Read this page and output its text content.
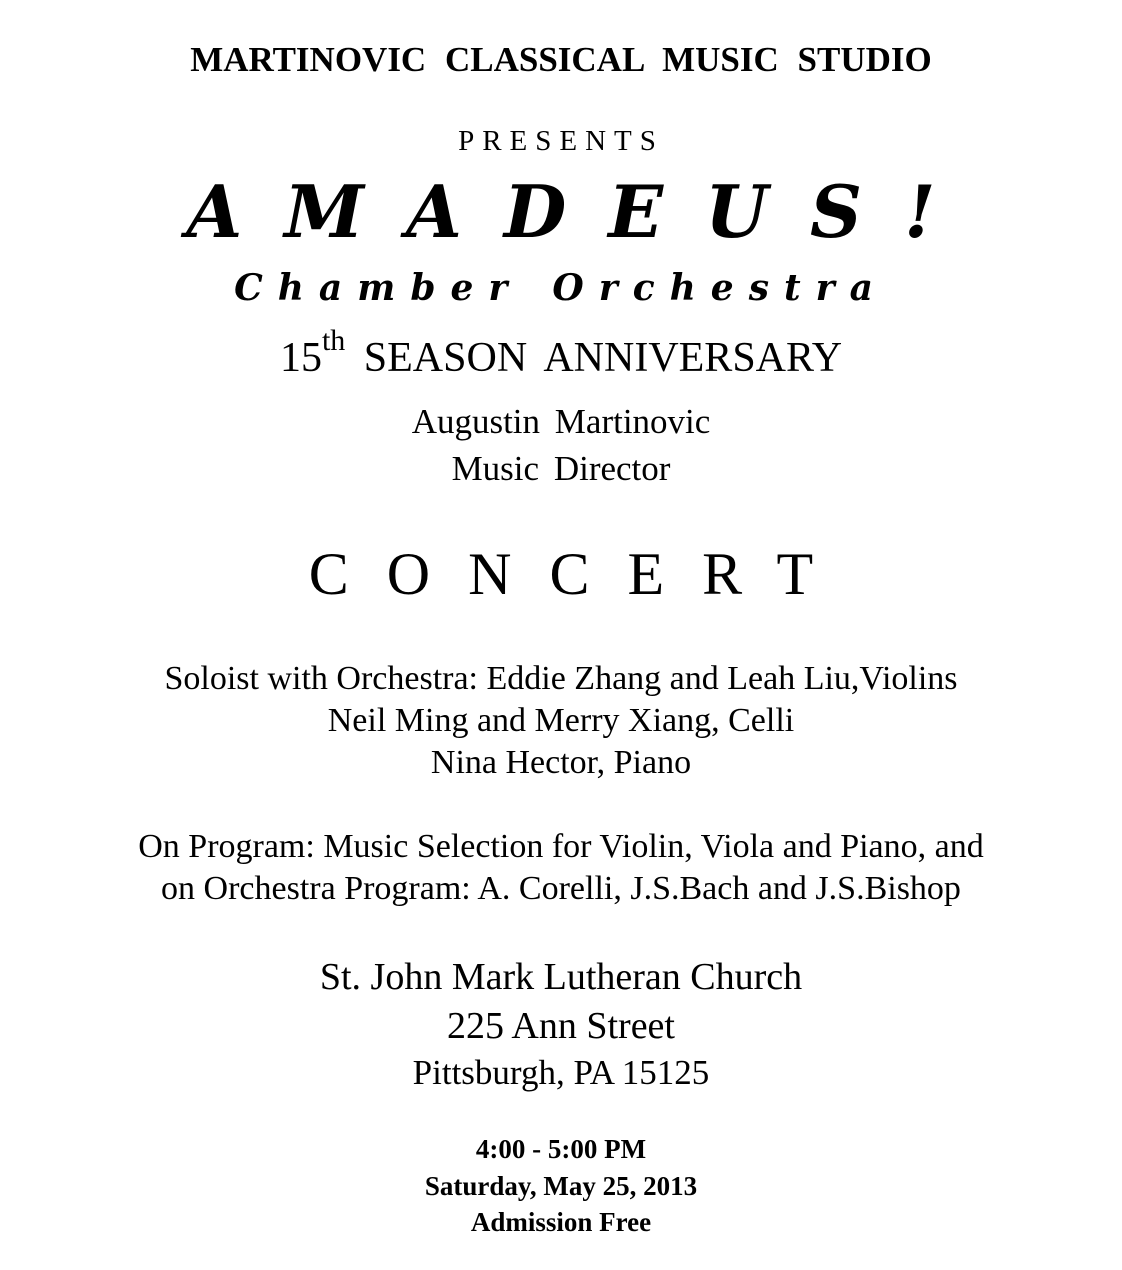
MARTINOVIC CLASSICAL MUSIC STUDIO
PRESENTS
AMADEUS!
Chamber Orchestra
15th SEASON ANNIVERSARY
Augustin Martinovic
Music Director
CONCERT
Soloist with Orchestra: Eddie Zhang and Leah Liu,Violins
Neil Ming and Merry Xiang, Celli
Nina Hector, Piano
On Program: Music Selection for Violin, Viola and Piano, and
on Orchestra Program: A. Corelli, J.S.Bach and J.S.Bishop
St. John Mark Lutheran Church
225 Ann Street
Pittsburgh, PA 15125
4:00 - 5:00 PM
Saturday, May 25, 2013
Admission Free
